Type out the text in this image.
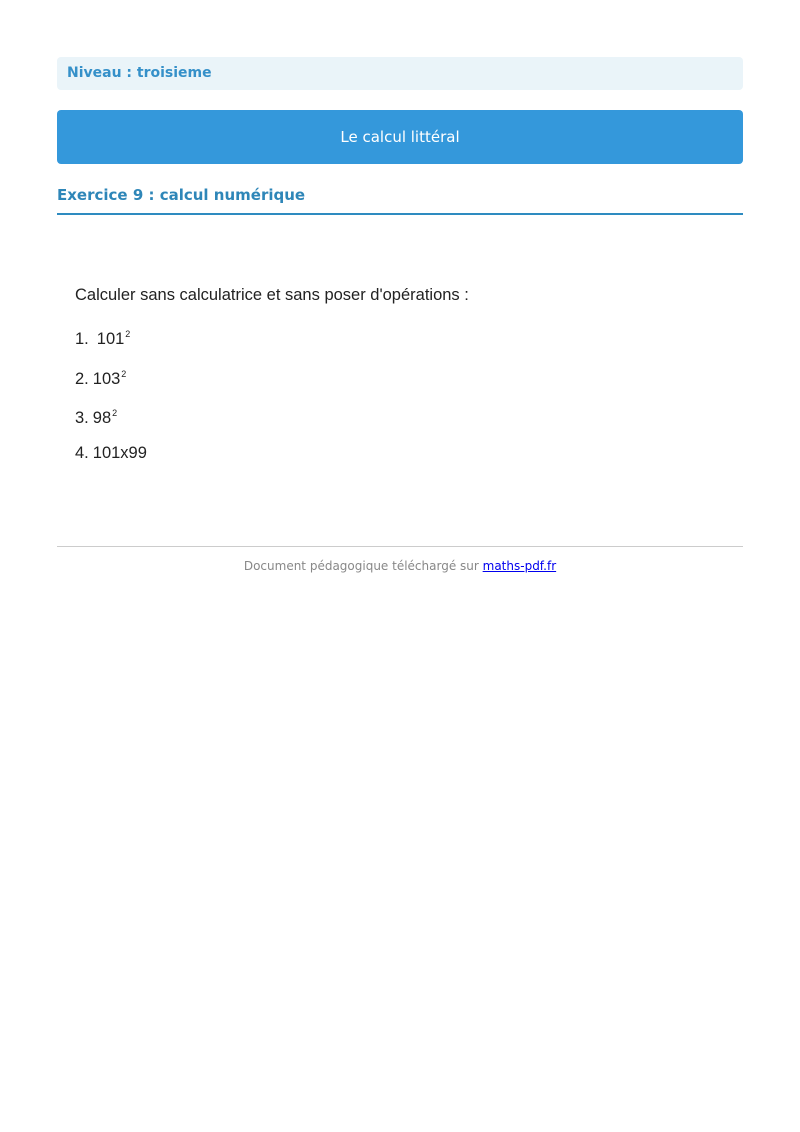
Niveau : troisieme
Le calcul littéral
Exercice 9 : calcul numérique

Calculer sans calculatrice et sans poser d'opérations :

1. $101^2$
2. $103^2$
3. $98^2$
4. 101x99
Document pédagogique téléchargé sur maths-pdf.fr
